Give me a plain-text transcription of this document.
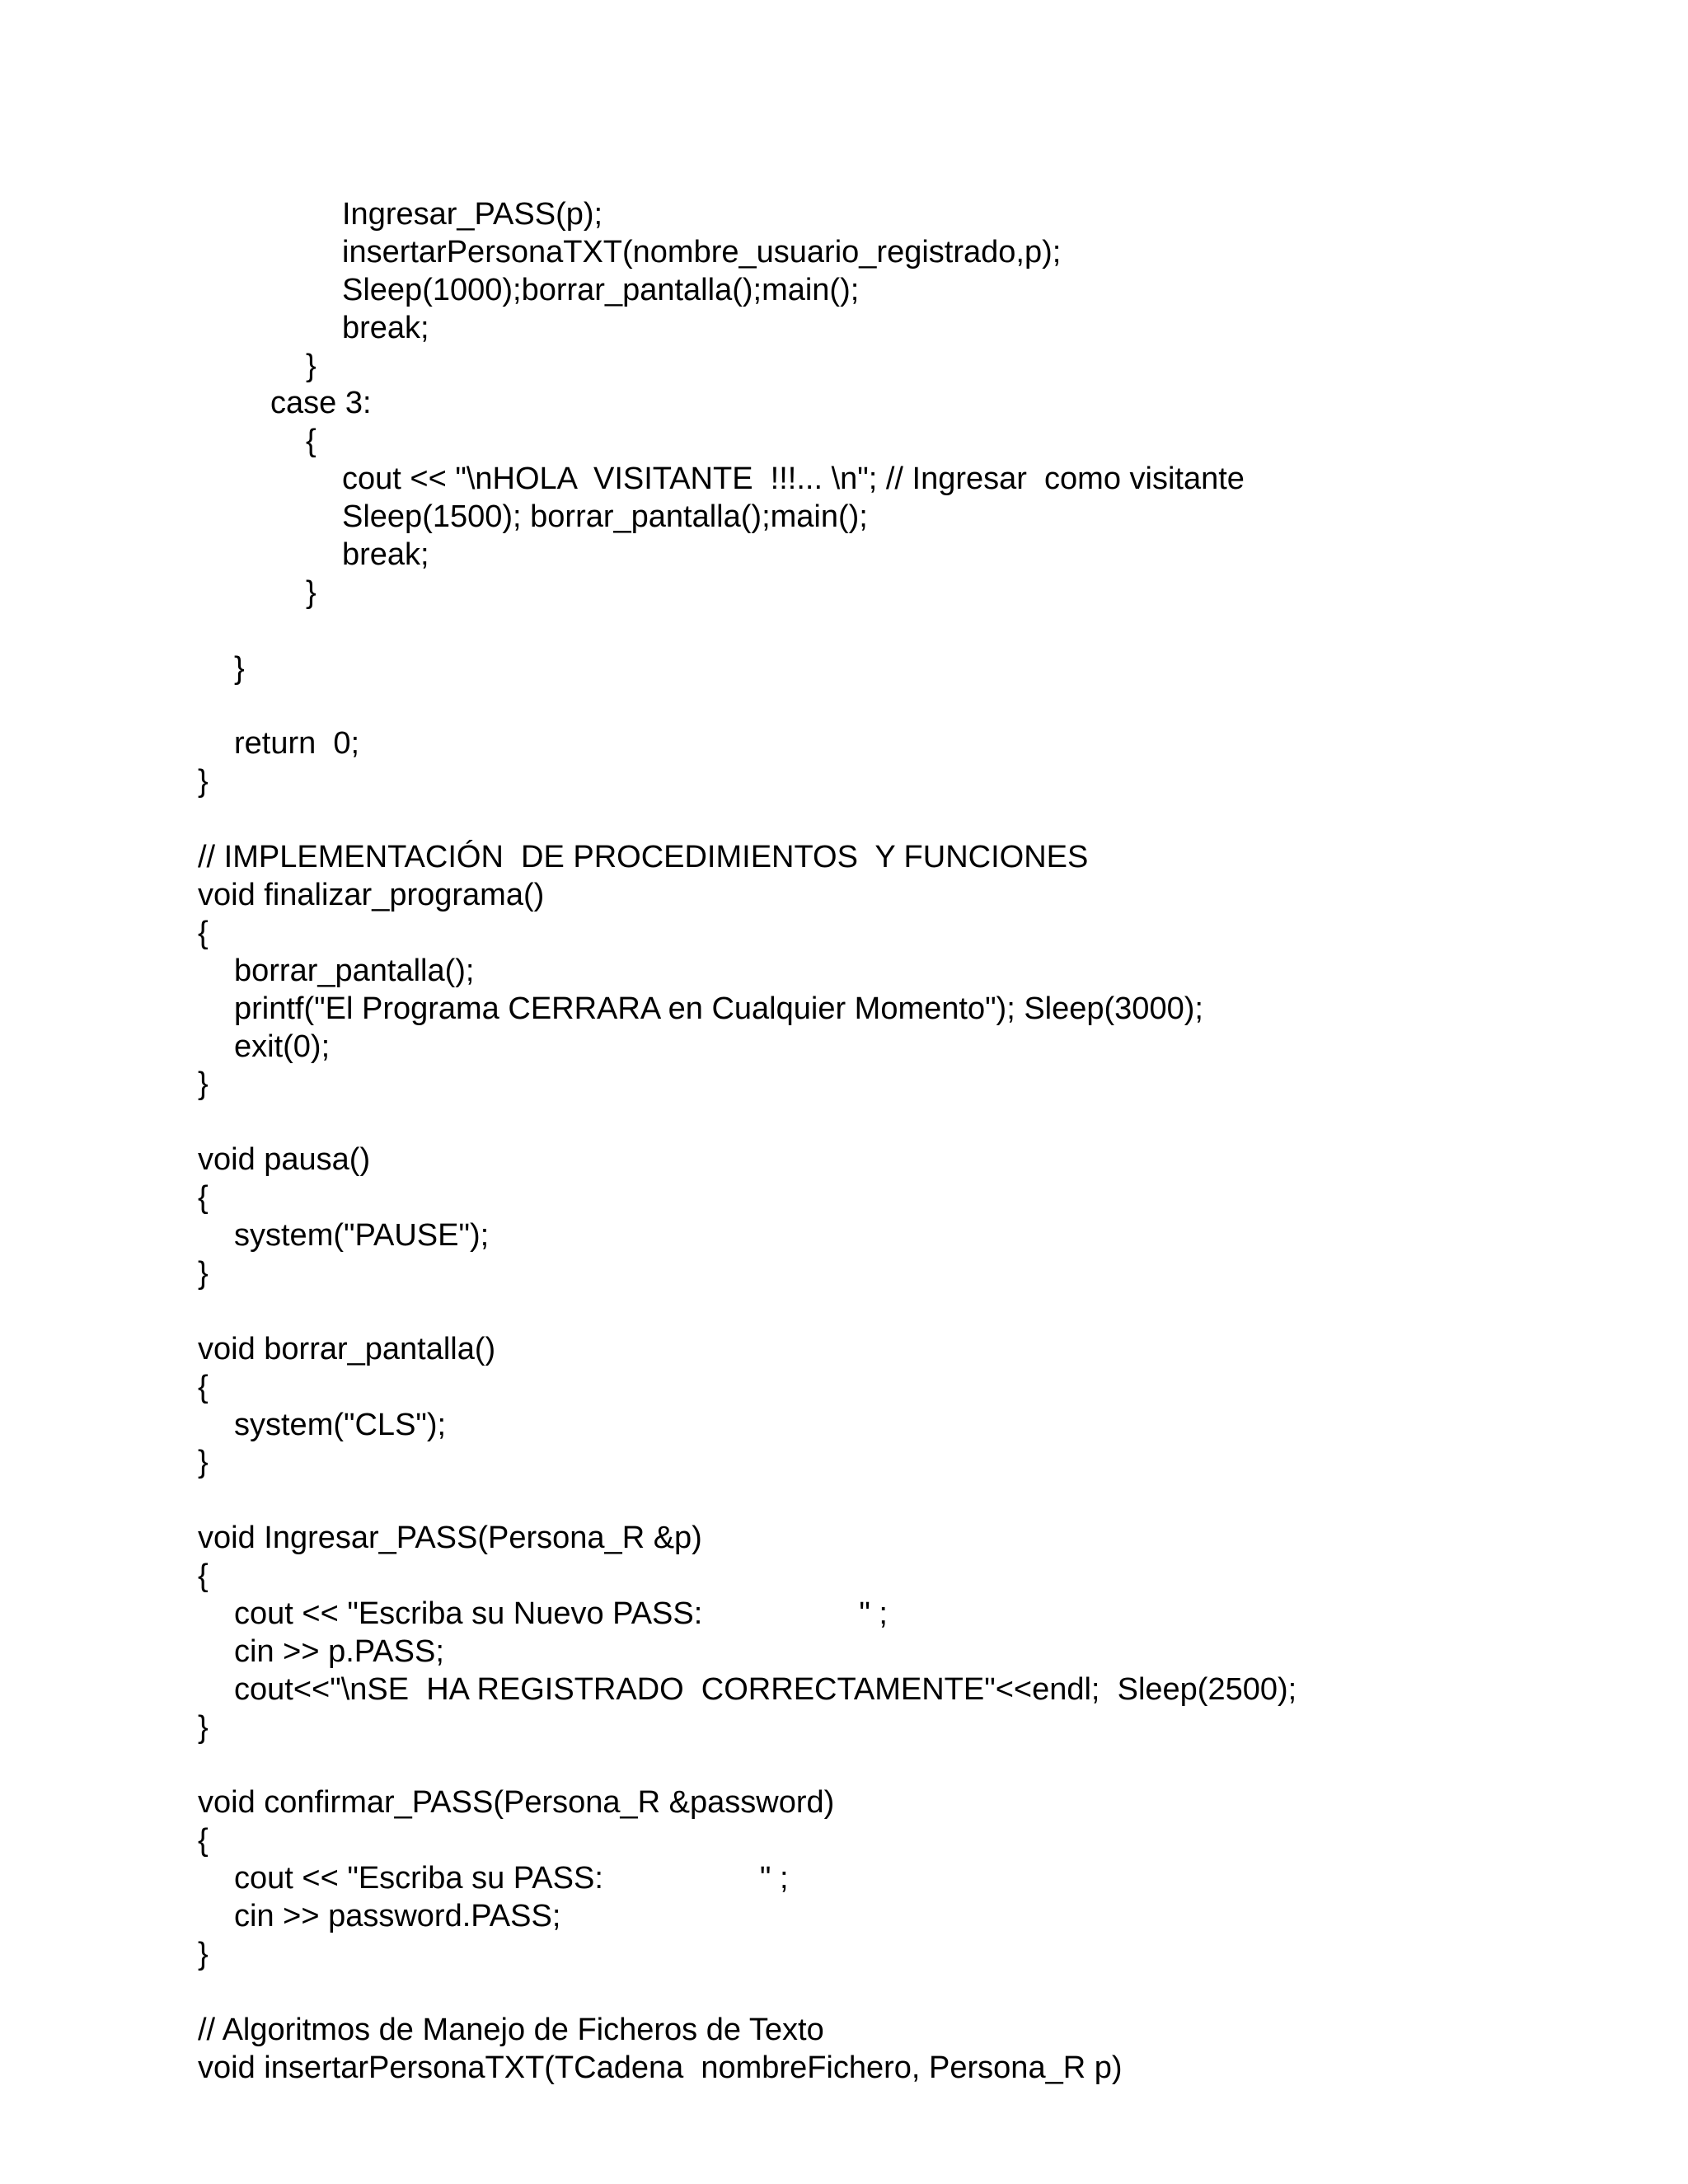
Ingresar_PASS(p);
insertarPersonaTXT(nombre_usuario_registrado,p);
Sleep(1000);borrar_pantalla();main();
break;
}
case 3:
{
cout << "\nHOLA  VISITANTE  !!!... \n"; // Ingresar  como visitante
Sleep(1500); borrar_pantalla();main();
break;
}
}
return  0;
}
// IMPLEMENTACIÓN  DE PROCEDIMIENTOS  Y FUNCIONES
void finalizar_programa()
{
borrar_pantalla();
printf("El Programa CERRARA en Cualquier Momento"); Sleep(3000);
exit(0);
}
void pausa()
{
system("PAUSE");
}
void borrar_pantalla()
{
system("CLS");
}
void Ingresar_PASS(Persona_R &p)
{
cout << "Escriba su Nuevo PASS:                  " ;
cin >> p.PASS;
cout<<"\nSE  HA REGISTRADO  CORRECTAMENTE"<<endl;  Sleep(2500);
}
void confirmar_PASS(Persona_R &password)
{
cout << "Escriba su PASS:                  " ;
cin >> password.PASS;
}
// Algoritmos de Manejo de Ficheros de Texto
void insertarPersonaTXT(TCadena  nombreFichero, Persona_R p)
